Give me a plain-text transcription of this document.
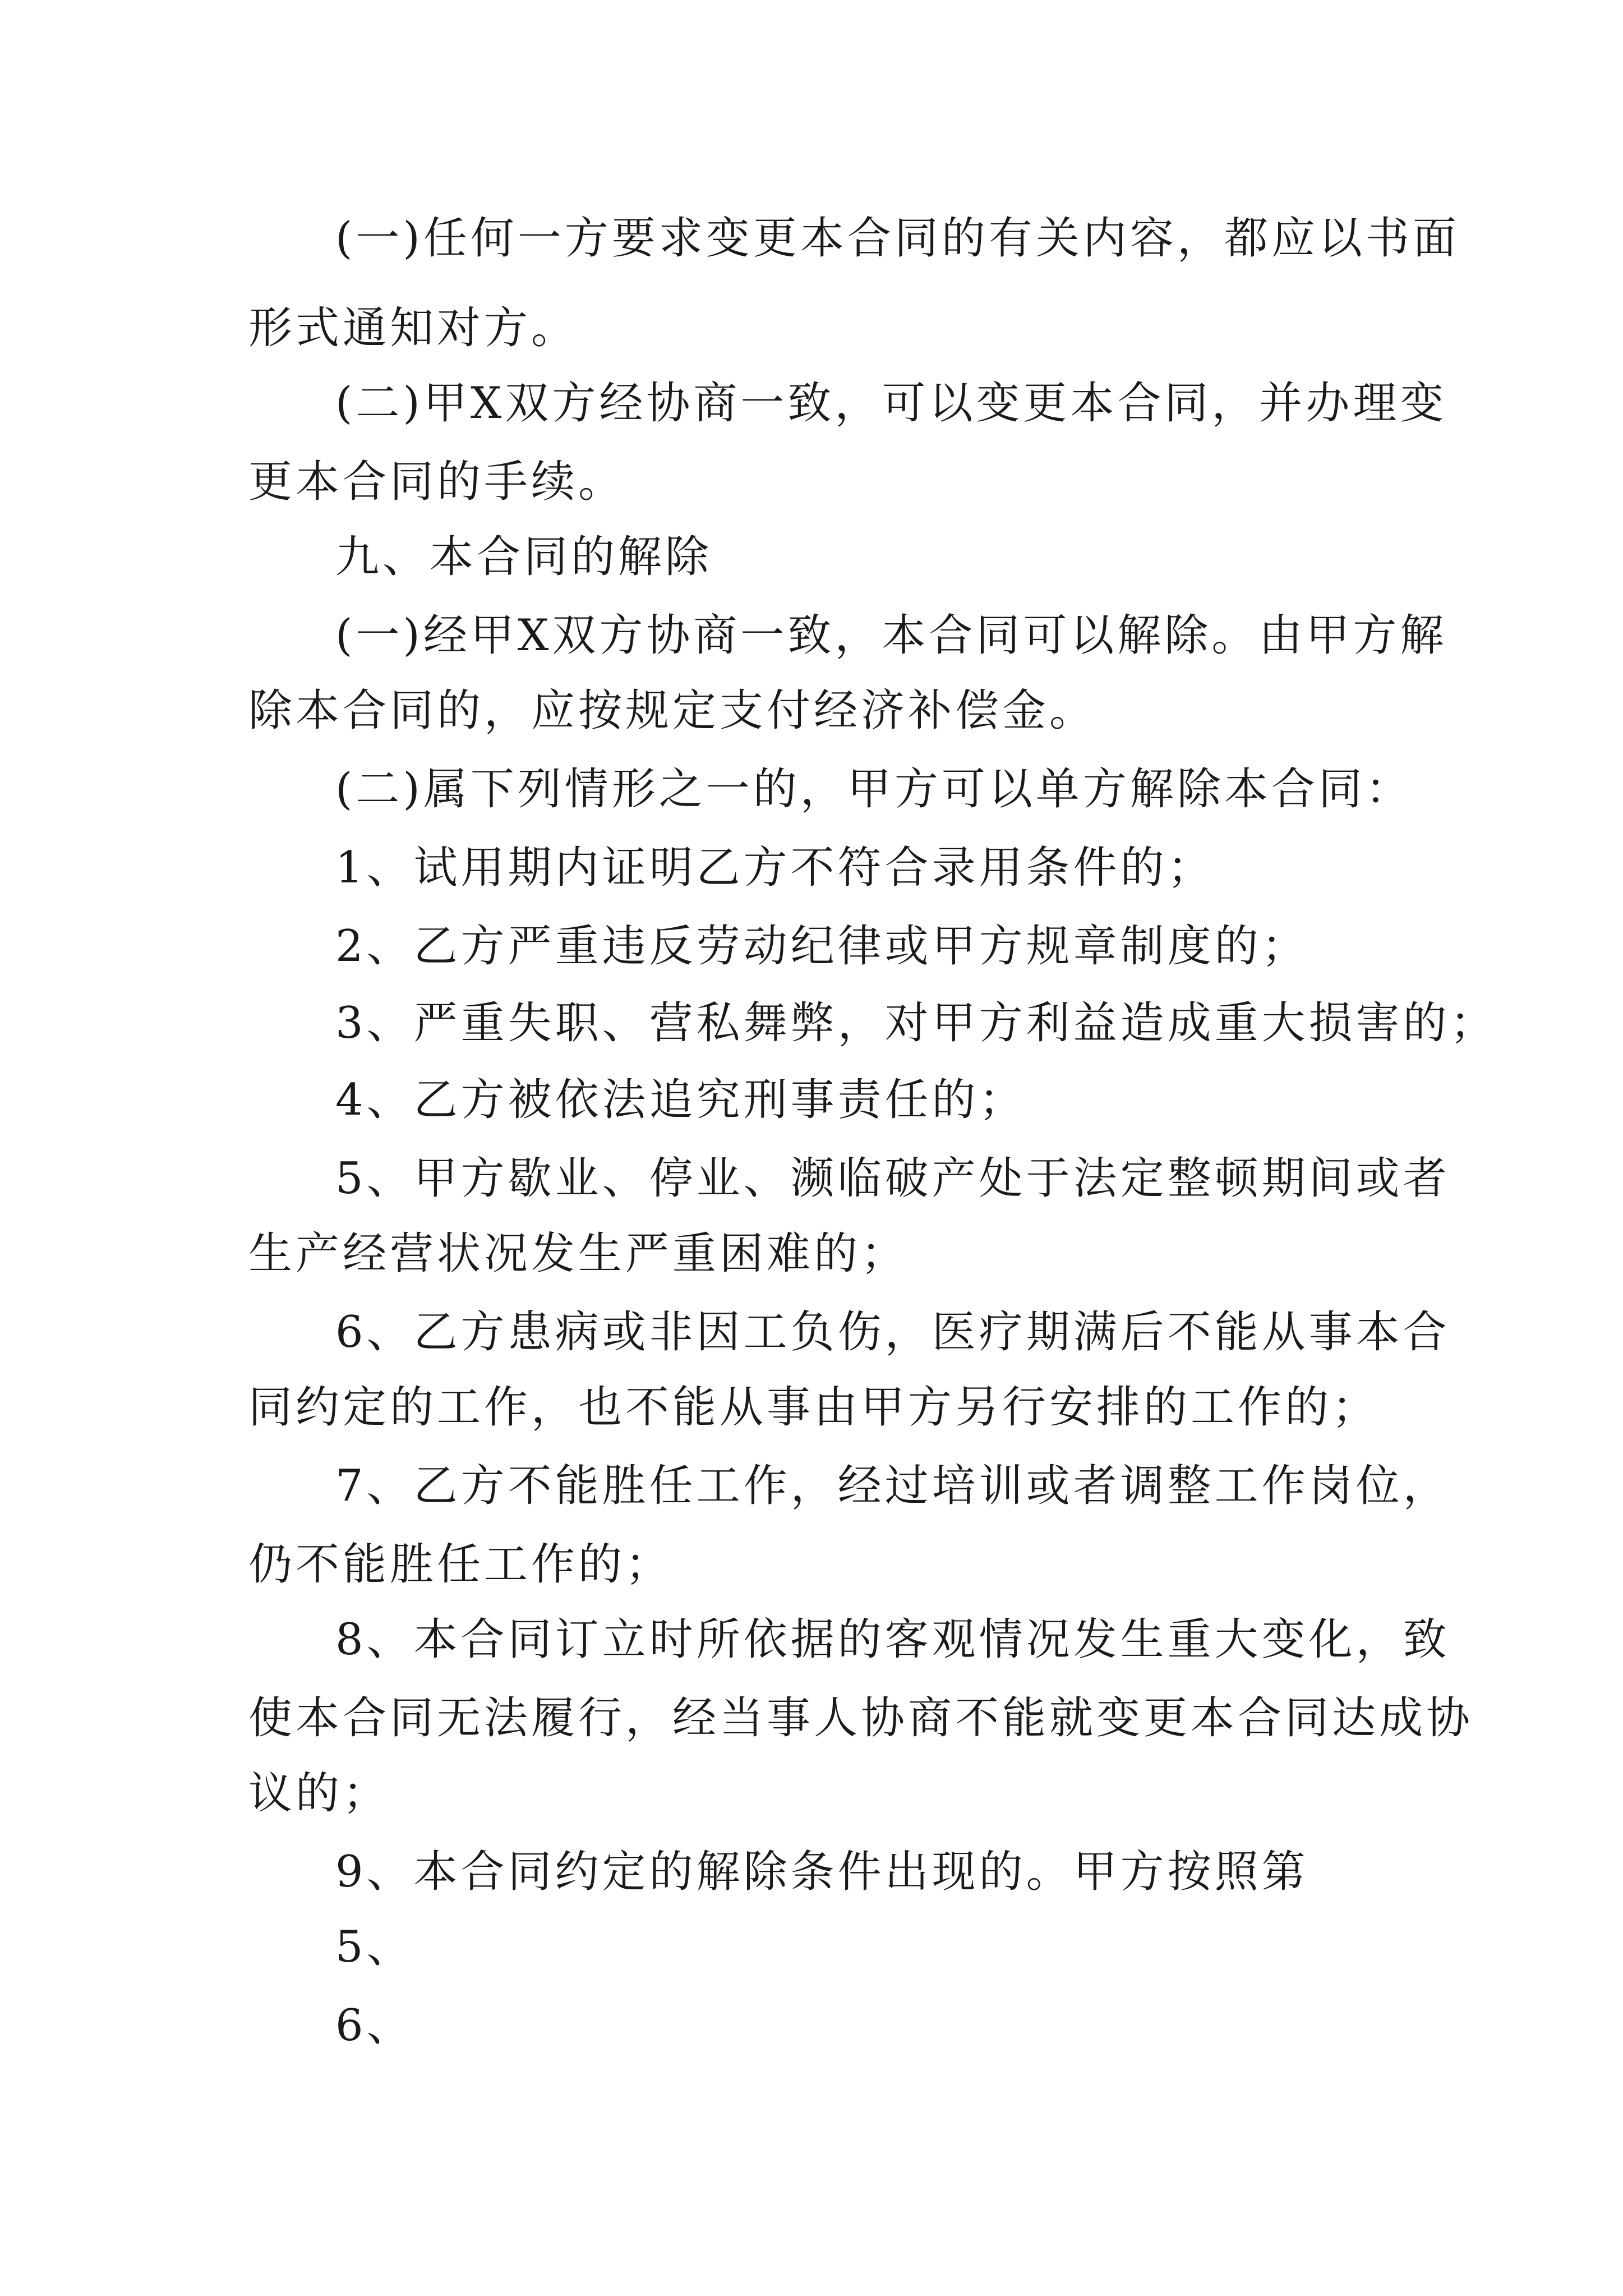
(一)任何一方要求变更本合同的有关内容，都应以书面
形式通知对方。
(二)甲X双方经协商一致，可以变更本合同，并办理变
更本合同的手续。
九、本合同的解除
(一)经甲X双方协商一致，本合同可以解除。由甲方解
除本合同的，应按规定支付经济补偿金。
(二)属下列情形之一的，甲方可以单方解除本合同：
1、试用期内证明乙方不符合录用条件的；
2、乙方严重违反劳动纪律或甲方规章制度的；
3、严重失职、营私舞弊，对甲方利益造成重大损害的；
4、乙方被依法追究刑事责任的；
5、甲方歇业、停业、濒临破产处于法定整顿期间或者
生产经营状况发生严重困难的；
6、乙方患病或非因工负伤，医疗期满后不能从事本合
同约定的工作，也不能从事由甲方另行安排的工作的；
7、乙方不能胜任工作，经过培训或者调整工作岗位，
仍不能胜任工作的；
8、本合同订立时所依据的客观情况发生重大变化，致
使本合同无法履行，经当事人协商不能就变更本合同达成协
议的；
9、本合同约定的解除条件出现的。甲方按照第
5、
6、
